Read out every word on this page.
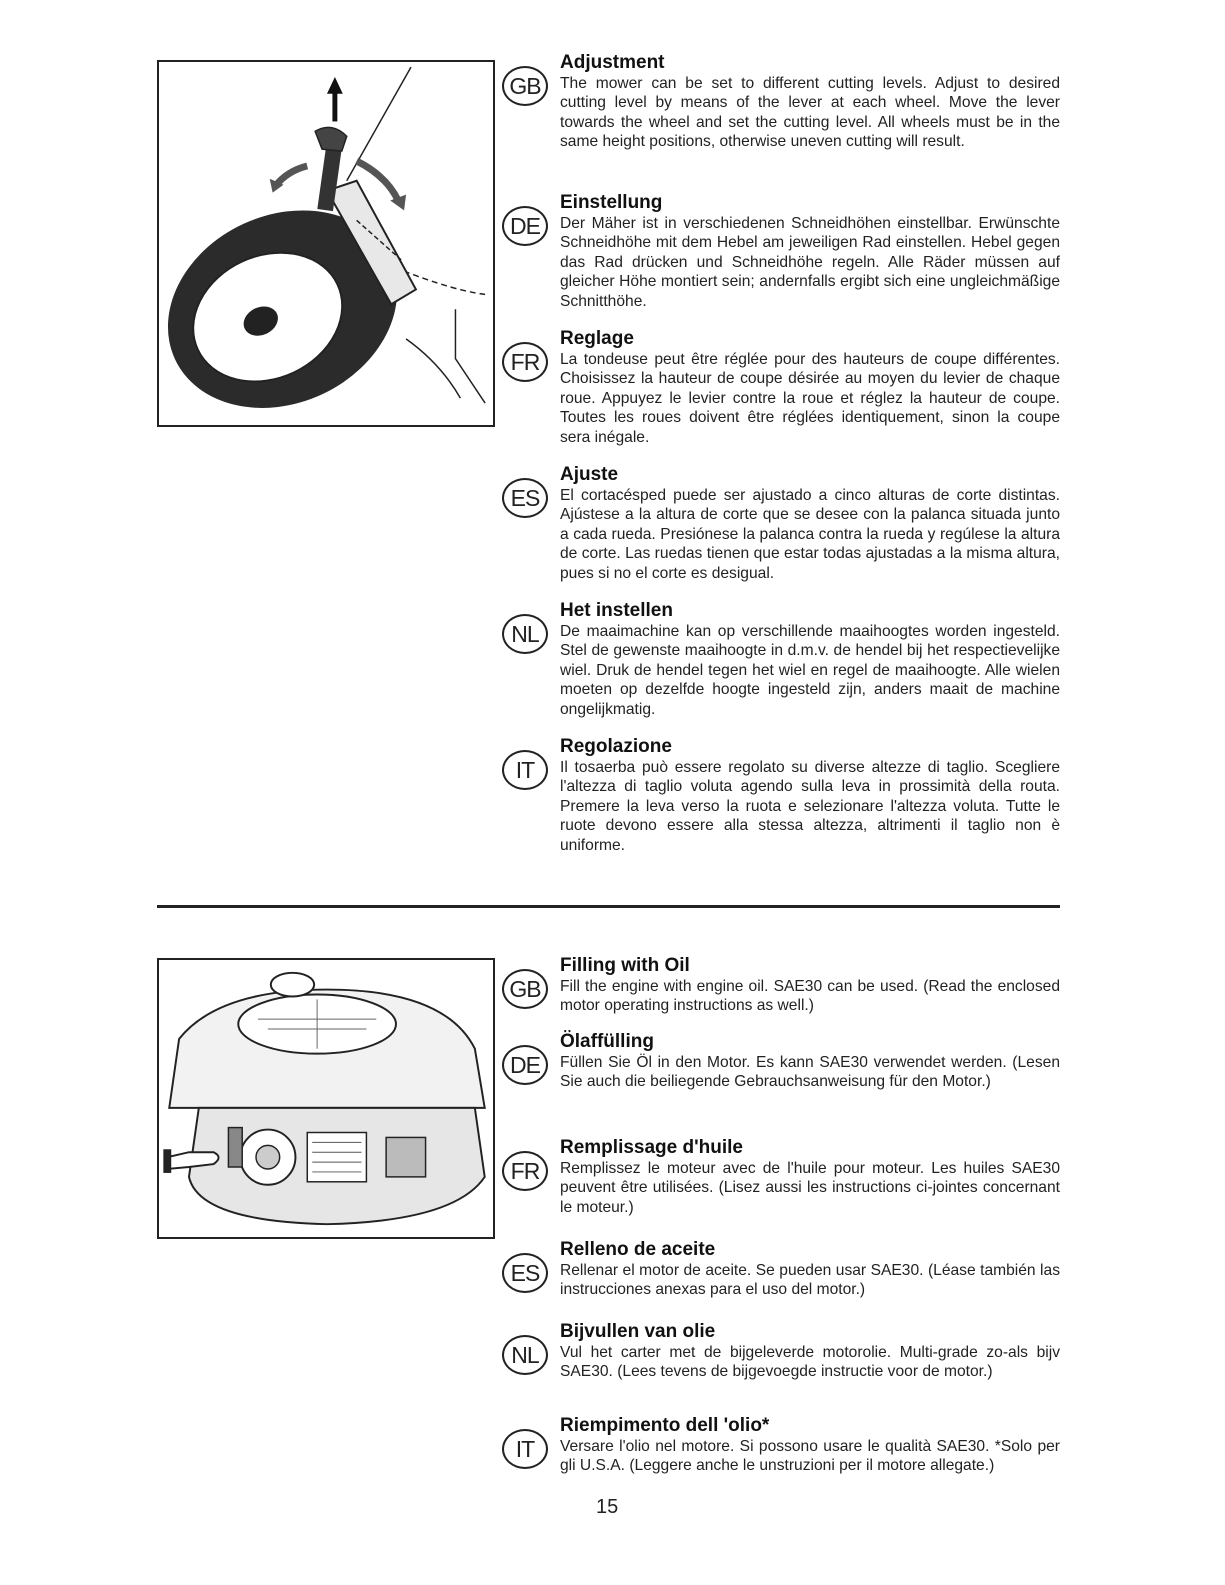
GB
Adjustment
The mower can be set to different cutting levels. Adjust to desired cutting level by means of the lever at each wheel. Move the lever towards the wheel and set the cutting level. All wheels must be in the same height positions, otherwise uneven cutting will result.
DE
Einstellung
Der Mäher ist in verschiedenen Schneidhöhen einstellbar. Erwünschte Schneidhöhe mit dem Hebel am jeweiligen Rad einstellen. Hebel gegen das Rad drücken und Schneidhöhe regeln. Alle Räder müssen auf gleicher Höhe montiert sein; andernfalls ergibt sich eine ungleichmäßige Schnitthöhe.
FR
Reglage
La tondeuse peut être réglée pour des hauteurs de coupe différentes. Choisissez la hauteur de coupe désirée au moyen du levier de chaque roue. Appuyez le levier contre la roue et réglez la hauteur de coupe. Toutes les roues doivent être réglées identiquement, sinon la coupe sera inégale.
ES
Ajuste
El cortacésped puede ser ajustado a cinco alturas de corte distintas. Ajústese a la altura de corte que se desee con la palanca situada junto a cada rueda. Presiónese la palanca contra la rueda y regúlese la altura de corte. Las ruedas tienen que estar todas ajustadas a la misma altura, pues si no el corte es desigual.
NL
Het instellen
De maaimachine kan op verschillende maaihoogtes worden ingesteld. Stel de gewenste maaihoogte in d.m.v. de hendel bij het respectievelijke wiel. Druk de hendel tegen het wiel en regel de maaihoogte. Alle wielen moeten op dezelfde hoogte ingesteld zijn, anders maait de machine ongelijkmatig.
IT
Regolazione
Il tosaerba può essere regolato su diverse altezze di taglio. Scegliere l'altezza di taglio voluta agendo sulla leva in prossimità della routa. Premere la leva verso la ruota e selezionare l'altezza voluta. Tutte le ruote devono essere alla stessa altezza, altrimenti il taglio non è uniforme.
GB
Filling with Oil
Fill the engine with engine oil. SAE30 can be used. (Read the enclosed motor operating instructions as well.)
DE
Ölaffülling
Füllen Sie Öl in den Motor. Es kann SAE30 verwendet werden. (Lesen Sie auch die beiliegende Gebrauchsanweisung für den Motor.)
FR
Remplissage d'huile
Remplissez le moteur avec de l'huile pour moteur. Les huiles SAE30 peuvent être utilisées. (Lisez aussi les instructions ci-jointes concernant le moteur.)
ES
Relleno de aceite
Rellenar el motor de aceite. Se pueden usar SAE30. (Léase también las instrucciones anexas para el uso del motor.)
NL
Bijvullen van olie
Vul het carter met de bijgeleverde motorolie. Multi-grade zo-als bijv SAE30. (Lees tevens de bijgevoegde instructie voor de motor.)
IT
Riempimento dell 'olio*
Versare l'olio nel motore. Si possono usare le qualità SAE30. *Solo per gli U.S.A. (Leggere anche le unstruzioni per il motore allegate.)
15
